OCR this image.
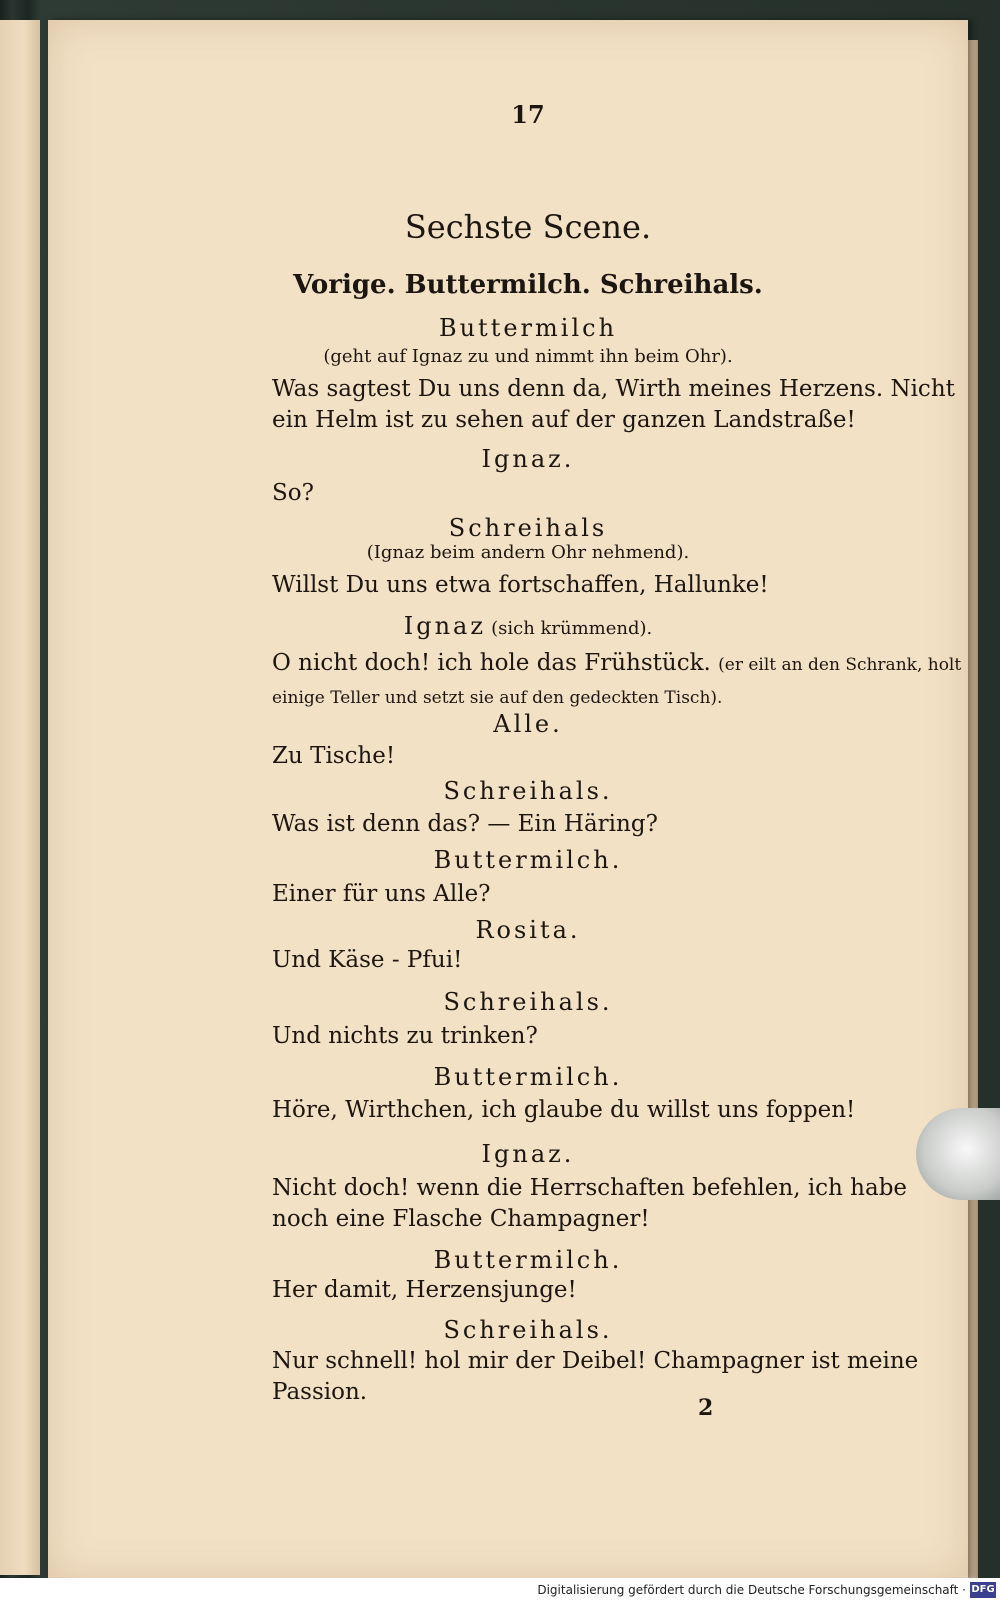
17
Sechste Scene.
Vorige. Buttermilch. Schreihals.
Buttermilch
(geht auf Ignaz zu und nimmt ihn beim Ohr).
Was sagtest Du uns denn da, Wirth meines Herzens. Nicht ein Helm ist zu sehen auf der ganzen Landstraße!
Ignaz.
So?
Schreihals
(Ignaz beim andern Ohr nehmend).
Willst Du uns etwa fortschaffen, Hallunke!
Ignaz (sich krümmend).
O nicht doch! ich hole das Frühstück. (er eilt an den Schrank, holt einige Teller und setzt sie auf den gedeckten Tisch).
Alle.
Zu Tische!
Schreihals.
Was ist denn das? — Ein Häring?
Buttermilch.
Einer für uns Alle?
Rosita.
Und Käse - Pfui!
Schreihals.
Und nichts zu trinken?
Buttermilch.
Höre, Wirthchen, ich glaube du willst uns foppen!
Ignaz.
Nicht doch! wenn die Herrschaften befehlen, ich habe noch eine Flasche Champagner!
Buttermilch.
Her damit, Herzensjunge!
Schreihals.
Nur schnell! hol mir der Deibel! Champagner ist meine Passion.
2
Digitalisierung gefördert durch die Deutsche Forschungsgemeinschaft · DFG
